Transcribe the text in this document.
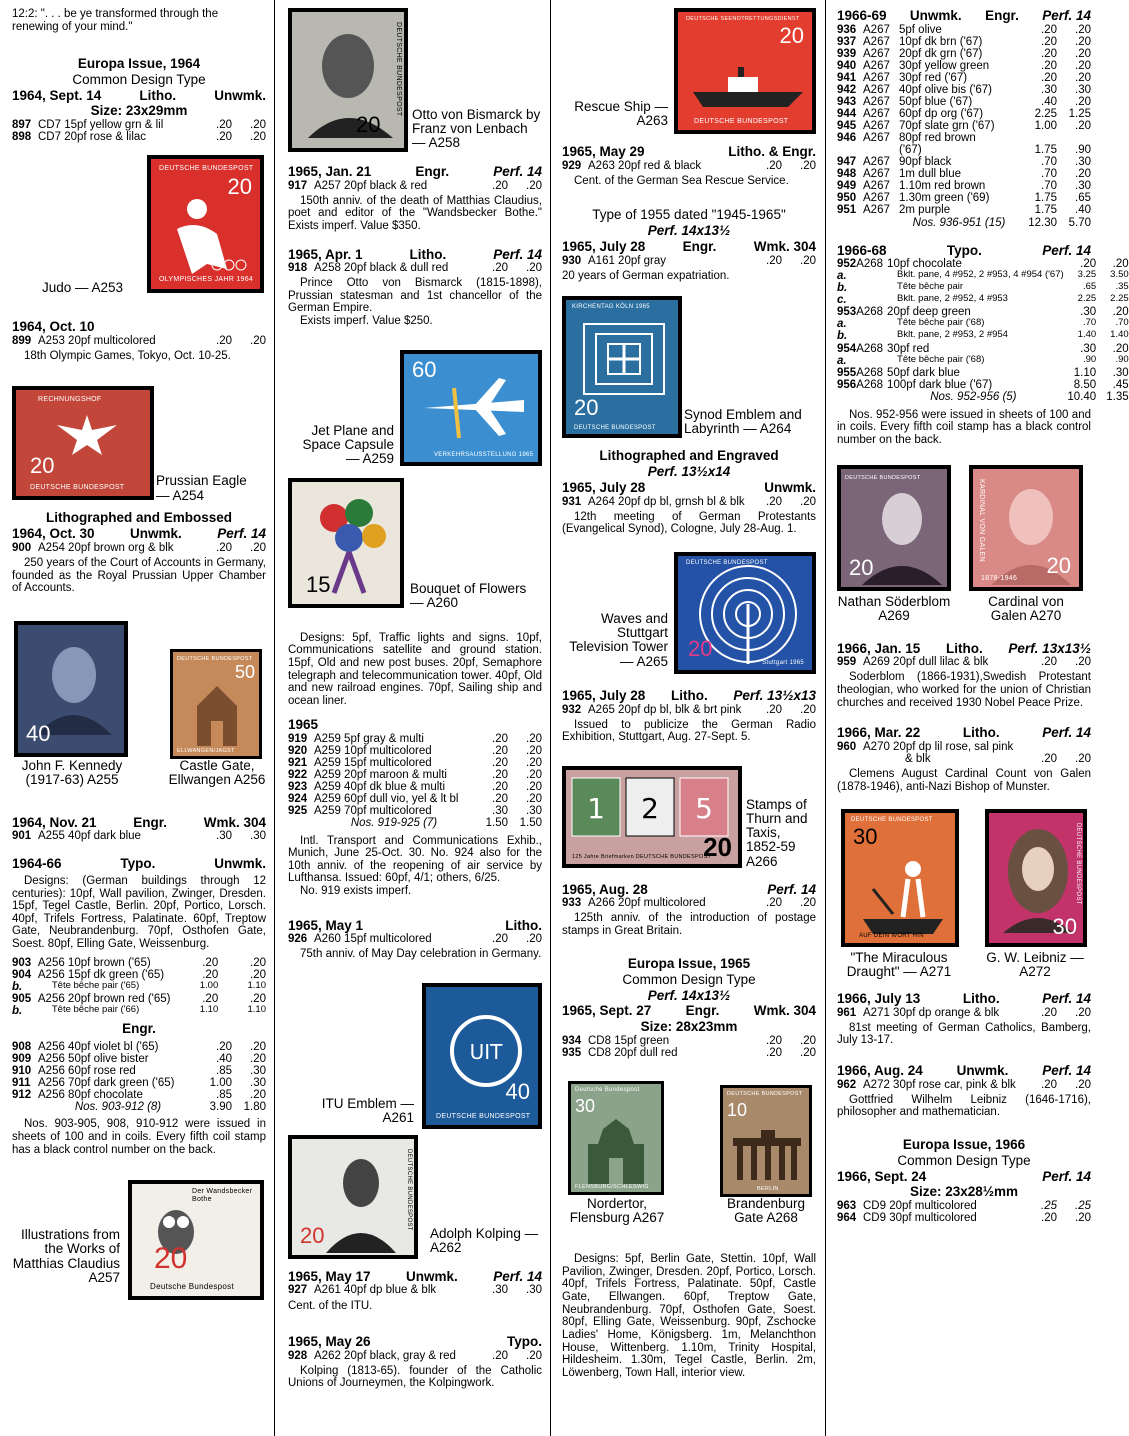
12:2: ". . . be ye transformed through the renewing of your mind."
Europa Issue, 1964
Common Design Type
1964, Sept. 14	Litho.	Unwmk.
Size: 23x29mm
897	CD7 15pf yellow grn & lil	.20	.20
898	CD7 20pf rose & lilac	.20	.20
DEUTSCHE BUNDESPOST
20
OLYMPISCHES JAHR 1964
Judo — A253
1964, Oct. 10
899	A253 20pf multicolored	.20	.20
18th Olympic Games, Tokyo, Oct. 10-25.
RECHNUNGSHOF
20
DEUTSCHE BUNDESPOST Prussian Eagle — A254
Lithographed and Embossed
1964, Oct. 30	Unwmk.	Perf. 14
900	A254 20pf brown org & blk	.20	.20
250 years of the Court of Accounts in Germany, founded as the Royal Prussian Upper Chamber of Accounts.
40
DEUTSCHE BUNDESPOST
50
ELLWANGEN/JAGST
John F. Kennedy (1917-63) A255
Castle Gate, Ellwangen A256
1964, Nov. 21	Engr.	Wmk. 304
901	A255 40pf dark blue	.30	.30
1964-66	Typo.	Unwmk.
Designs: (German buildings through 12 centuries): 10pf, Wall pavilion, Zwinger, Dresden. 15pf, Tegel Castle, Berlin. 20pf, Portico, Lorsch. 40pf, Trifels Fortress, Palatinate. 60pf, Treptow Gate, Neubrandenburg. 70pf, Osthofen Gate, Soest. 80pf, Elling Gate, Weissenburg.
903	A256 10pf brown ('65)	.20	.20
904	A256 15pf dk green ('65)	.20	.20
b.	Tête bêche pair ('65)	1.00	1.10
905	A256 20pf brown red ('65)	.20	.20
b.	Tête bêche pair ('66)	1.10	1.10
Engr.
908	A256 40pf violet bl ('65)	.20	.20
909	A256 50pf olive bister	.40	.20
910	A256 60pf rose red	.85	.30
911	A256 70pf dark green ('65)	1.00	.30
912	A256 80pf chocolate	.85	.20
	Nos. 903-912 (8)	3.90	1.80
Nos. 903-905, 908, 910-912 were issued in sheets of 100 and in coils. Every fifth coil stamp has a black control number on the back.
Der Wandsbecker Bothe
20
Deutsche Bundespost
Illustrations from the Works of Matthias Claudius A257
DEUTSCHE BUNDESPOST
20 Otto von Bismarck by Franz von Lenbach — A258
1965, Jan. 21	Engr.	Perf. 14
917	A257 20pf black & red	.20	.20
150th anniv. of the death of Matthias Claudius, poet and editor of the "Wandsbecker Bothe." Exists imperf. Value $350.
1965, Apr. 1	Litho.	Perf. 14
918	A258 20pf black & dull red	.20	.20
Prince Otto von Bismarck (1815-1898), Prussian statesman and 1st chancellor of the German Empire.
Exists imperf. Value $250.
60
VERKEHRSAUSSTELLUNG 1965
Jet Plane and Space Capsule — A259
15	Bouquet of Flowers — A260
Designs: 5pf, Traffic lights and signs. 10pf, Communications satellite and ground station. 15pf, Old and new post buses. 20pf, Semaphore telegraph and telecommunication tower. 40pf, Old and new railroad engines. 70pf, Sailing ship and ocean liner.
1965
919	A259 5pf gray & multi	.20	.20
920	A259 10pf multicolored	.20	.20
921	A259 15pf multicolored	.20	.20
922	A259 20pf maroon & multi	.20	.20
923	A259 40pf dk blue & multi	.20	.20
924	A259 60pf dull vio, yel & lt bl	.20	.20
925	A259 70pf multicolored	.30	.30
	Nos. 919-925 (7)	1.50	1.50
Intl. Transport and Communications Exhib., Munich, June 25-Oct. 30. No. 924 also for the 10th anniv. of the reopening of air service by Lufthansa. Issued: 60pf, 4/1; others, 6/25.
No. 919 exists imperf.
1965, May 1	Litho.
926	A260 15pf multicolored	.20	.20
75th anniv. of May Day celebration in Germany.
UIT
40
DEUTSCHE BUNDESPOST
ITU Emblem — A261
20
DEUTSCHE BUNDESPOST
Adolph Kolping — A262
1965, May 17	Unwmk.	Perf. 14
927	A261 40pf dp blue & blk	.30	.30
Cent. of the ITU.
1965, May 26	Typo.
928	A262 20pf black, gray & red	.20	.20
Kolping (1813-65). founder of the Catholic Unions of Journeymen, the Kolpingwork.
DEUTSCHE SEENOTRETTUNGSDIENST
20
DEUTSCHE BUNDESPOST
Rescue Ship — A263
1965, May 29	Litho. & Engr.
929	A263 20pf red & black	.20	.20
Cent. of the German Sea Rescue Service.
Type of 1955 dated "1945-1965"
Perf. 14x13½
1965, July 28	Engr.	Wmk. 304
930	A161 20pf gray	.20	.20
20 years of German expatriation.
KIRCHENTAG KÖLN 1965
20
DEUTSCHE BUNDESPOST
Synod Emblem and Labyrinth — A264
Lithographed and Engraved
Perf. 13½x14
1965, July 28	Unwmk.
931	A264 20pf dp bl, grnsh bl & blk	.20	.20
12th meeting of German Protestants (Evangelical Synod), Cologne, July 28-Aug. 1.
DEUTSCHE BUNDESPOST
20
Stuttgart 1965
Waves and Stuttgart Television Tower — A265
1965, July 28 Litho. Perf. 13½x13
932	A265 20pf dp bl, blk & brt pink	.20	.20
Issued to publicize the German Radio Exhibition, Stuttgart, Aug. 27-Sept. 5.
1 2 5
125 Jahre Briefmarken DEUTSCHE BUNDESPOST
20
Stamps of Thurn and Taxis, 1852-59 A266
1965, Aug. 28	Perf. 14
933	A266 20pf multicolored	.20	.20
125th anniv. of the introduction of postage stamps in Great Britain.
Europa Issue, 1965
Common Design Type
Perf. 14x13½
1965, Sept. 27	Engr.	Wmk. 304
Size: 28x23mm
934	CD8 15pf green	.20	.20
935	CD8 20pf dull red	.20	.20
Deutsche Bundespost
30
FLENSBURG/SCHLESWIG
DEUTSCHE BUNDESPOST
10
BERLIN
Nordertor, Flensburg A267
Brandenburg Gate A268
Designs: 5pf, Berlin Gate, Stettin. 10pf, Wall Pavilion, Zwinger, Dresden. 20pf, Portico, Lorsch. 40pf, Trifels Fortress, Palatinate. 50pf, Castle Gate, Ellwangen. 60pf, Treptow Gate, Neubrandenburg. 70pf, Osthofen Gate, Soest. 80pf, Elling Gate, Weissenburg. 90pf, Zschocke Ladies' Home, Königsberg. 1m, Melanchthon House, Wittenberg. 1.10m, Trinity Hospital, Hildesheim. 1.30m, Tegel Castle, Berlin. 2m, Löwenberg, Town Hall, interior view.
1966-69 Unwmk. Engr. Perf. 14
936	A267	5pf olive	.20	.20
937	A267	10pf dk brn ('67)	.20	.20
939	A267	20pf dk grn ('67)	.20	.20
940	A267	30pf yellow green	.20	.20
941	A267	30pf red ('67)	.20	.20
942	A267	40pf olive bis ('67)	.30	.30
943	A267	50pf blue ('67)	.40	.20
944	A267	60pf dp org ('67)	2.25	1.25
945	A267	70pf slate grn ('67)	1.00	.20
946	A267	80pf red brown		
		('67)	1.75	.90
947	A267	90pf black	.70	.30
948	A267	1m dull blue	.70	.20
949	A267	1.10m red brown	.70	.30
950	A267	1.30m green ('69)	1.75	.65
951	A267	2m purple	1.75	.40
		Nos. 936-951 (15)	12.30	5.70
1966-68	Typo.	Perf. 14
952	A268	10pf chocolate	.20	.20
a.		Bklt. pane, 4 #952, 2 #953, 4 #954 ('67)	3.25	3.50
b.		Tête bêche pair	.65	.35
c.		Bklt. pane, 2 #952, 4 #953	2.25	2.25
953	A268	20pf deep green	.30	.20
a.		Tête bêche pair ('68)	.70	.70
b.		Bklt. pane, 2 #953, 2 #954	1.40	1.40
954	A268	30pf red	.30	.20
a.		Tête bêche pair ('68)	.90	.90
955	A268	50pf dark blue	1.10	.30
956	A268	100pf dark blue ('67)	8.50	.45
		Nos. 952-956 (5)	10.40	1.35
Nos. 952-956 were issued in sheets of 100 and in coils. Every fifth coil stamp has a black control number on the back.
DEUTSCHE BUNDESPOST
20
KARDINAL VON GALEN
1878-1946
20
Nathan Söderblom A269
Cardinal von Galen A270
1966, Jan. 15 Litho. Perf. 13x13½
959	A269 20pf dull lilac & blk	.20	.20
Soderblom (1866-1931),Swedish Protestant theologian, who worked for the union of Christian churches and received 1930 Nobel Peace Prize.
1966, Mar. 22	Litho.	Perf. 14
960	A270 20pf dp lil rose, sal pink		
	& blk	.20	.20
Clemens August Cardinal Count von Galen (1878-1946), anti-Nazi Bishop of Munster.
DEUTSCHE BUNDESPOST
30
AUF DEIN WORT HIN
DEUTSCHE BUNDESPOST
30
"The Miraculous Draught" — A271
G. W. Leibniz — A272
1966, July 13	Litho.	Perf. 14
961	A271 30pf dp orange & blk	.20	.20
81st meeting of German Catholics, Bamberg, July 13-17.
1966, Aug. 24	Unwmk.	Perf. 14
962	A272 30pf rose car, pink & blk	.20	.20
Gottfried Wilhelm Leibniz (1646-1716), philosopher and mathematician.
Europa Issue, 1966
Common Design Type
1966, Sept. 24	Perf. 14
Size: 23x28½mm
963	CD9 20pf multicolored	.25	.25
964	CD9 30pf multicolored	.20	.20
